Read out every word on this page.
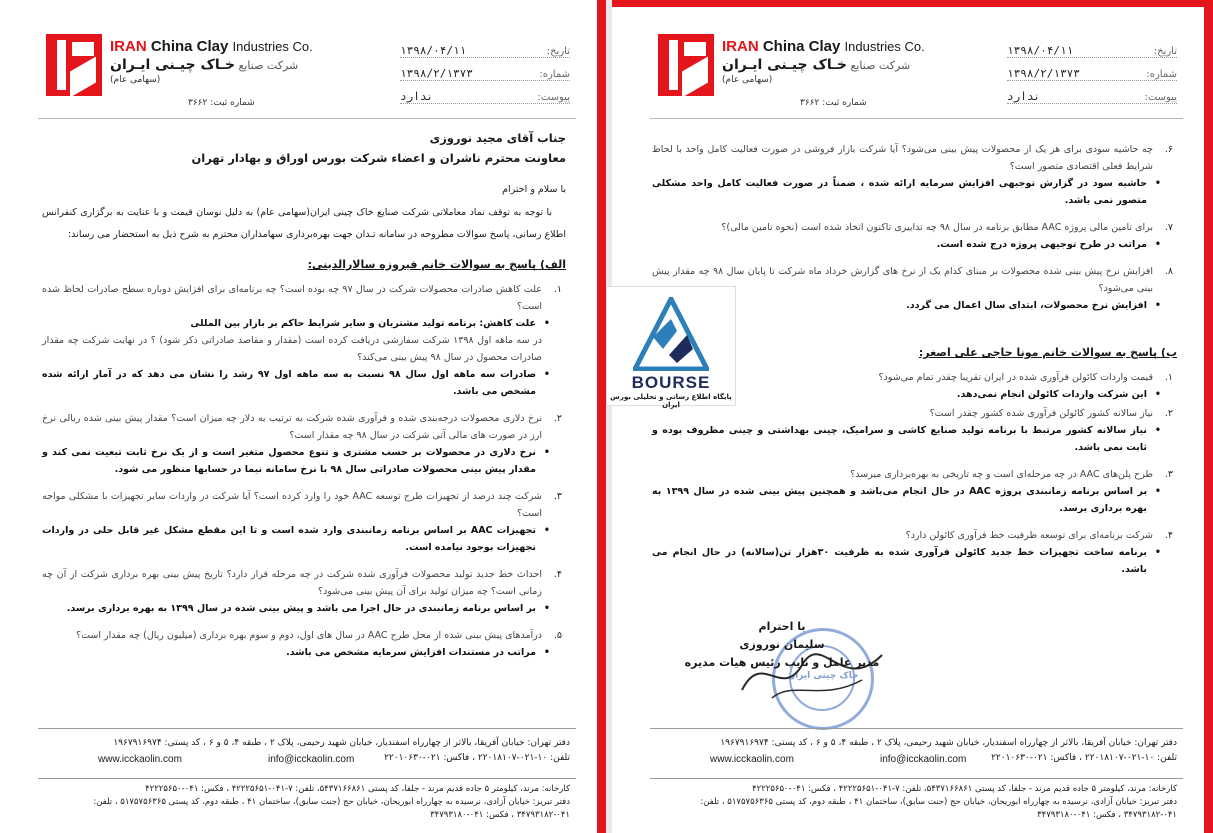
IRAN China Clay Industries Co.
شرکت صنایع خـاک چیـنی ایـران
(سهامی عام)
شماره ثبت: ۳۶۶۲
تاریخ:
۱۳۹۸/۰۴/۱۱
شماره:
۱۳۹۸/۲/۱۳۷۳
پیوست:
ندارد
جناب آقای مجید نوروزی
معاونت محترم ناشران و اعضاء شرکت بورس اوراق و بهادار تهران
با سلام و احترام
با توجه به توقف نماد معاملاتی شرکت صنایع خاک چینی ایران(سهامی عام) به دلیل نوسان قیمت و با عنایت به برگزاری کنفرانس اطلاع رسانی، پاسخ سوالات مطروحه در سامانه تـدان جهت بهره‌برداری سهامداران محترم به شرح ذیل به استحضار می رساند:
الف) پاسخ به سوالات خانم فیروزه سالارالدینی:
۱.
علت کاهش صادرات محصولات شرکت در سال ۹۷ چه بوده است؟ چه برنامه‌ای برای افزایش دوباره سطح صادرات لحاظ شده است؟
• علت کاهش: برنامه تولید مشتریان و سایر شرایط حاکم بر بازار بین المللی
در سه ماهه اول ۱۳۹۸ شرکت سفارشی دریافت کرده است (مقدار و مقاصد صادراتی ذکر شود) ؟ در نهایت شرکت چه مقدار صادرات محصول در سال ۹۸ پیش بینی می‌کند؟
• صادرات سه ماهه اول سال ۹۸ نسبت به سه ماهه اول ۹۷ رشد را نشان می دهد که در آمار ارائه شده مشخص می باشد.
۲.
نرخ دلاری محصولات درجه‌بندی شده و فرآوری شده شرکت به ترتیب به دلار چه میزان است؟ مقدار پیش بینی شده ریالی نرخ ارز در صورت های مالی آتی شرکت در سال ۹۸ چه مقدار است؟
• نرخ دلاری در محصولات بر حسب مشتری و تنوع محصول متغیر است و از یک نرخ ثابت تبعیت نمی کند و مقدار پیش بینی محصولات صادراتی سال ۹۸ با نرخ سامانه نیما در حسابها منظور می شود.
۳.
شرکت چند درصد از تجهیزات طرح توسعه AAC خود را وارد کرده است؟ آیا شرکت در واردات سایر تجهیزات با مشکلی مواجه است؟
• تجهیزات AAC بر اساس برنامه زمانبندی وارد شده است و تا این مقطع مشکل غیر قابل حلی در واردات تجهیزات بوجود نیامده است.
۴.
احداث خط جدید تولید محصولات فرآوری شده شرکت در چه مرحله قرار دارد؟ تاریخ پیش بینی بهره برداری شرکت از آن چه زمانی است؟ چه میزان تولید برای آن پیش بینی می‌شود؟
• بر اساس برنامه زمانبندی در حال اجرا می باشد و پیش بینی شده در سال ۱۳۹۹ به بهره برداری برسد.
۵.
درآمدهای پیش بینی شده از محل طرح AAC در سال های اول، دوم و سوم بهره برداری (میلیون ریال) چه مقدار است؟
• مراتب در مستندات افزایش سرمایه مشخص می باشد.
دفتر تهران: خیابان آفریقا، بالاتر از چهارراه اسفندیار، خیابان شهید رحیمی، پلاک ۲ ، طبقه ۴، ۵ و ۶ ، کد پستی: ۱۹۶۷۹۱۶۹۷۴
تلفن: ۱۰-۰۲۱-۲۲۰۱۸۱۰۷ ، فاکس: ۰۲۱-۲۲۰۱۰۶۳۰
www.icckaolin.com	info@icckaolin.com
کارخانه: مرند، کیلومتر ۵ جاده قدیم مرند - جلفا، کد پستی ۵۴۳۷۱۶۶۸۶۱، تلفن: ۷-۰۴۱-۴۲۲۲۵۶۵۱ ، فکس: ۰۴۱-۴۲۲۲۵۶۵۰
دفتر تبریز: خیابان آزادی، نرسیده به چهارراه ابوریحان، خیابان حج (جنت سابق)، ساختمان ۴۱ ، طبقه دوم، کد پستی ۵۱۷۵۷۵۶۳۶۵ ، تلفن: ۰۴۱-۳۴۷۹۳۱۸۲ ، فکس: ۰۴۱-۳۴۷۹۳۱۸۰
IRAN China Clay Industries Co.
شرکت صنایع خـاک چیـنی ایـران
(سهامی عام)
شماره ثبت: ۳۶۶۲
تاریخ:
۱۳۹۸/۰۴/۱۱
شماره:
۱۳۹۸/۲/۱۳۷۳
پیوست:
ندارد
۶.
چه حاشیه سودی برای هر یک از محصولات پیش بینی می‌شود؟ آیا شرکت بازار فروشی در صورت فعالیت کامل واحد با لحاظ شرایط فعلی اقتصادی متصور است؟
• حاشیه سود در گزارش توجیهی افزایش سرمایه ارائه شده ، ضمناً در صورت فعالیت کامل واحد مشکلی متصور نمی باشد.
۷.
برای تامین مالی پروژه AAC مطابق برنامه در سال ۹۸ چه تدابیری تاکنون اتخاذ شده است (نحوه تامین مالی)؟
• مراتب در طرح توجیهی پروژه درج شده است.
۸.
افزایش نرخ پیش بینی شده محصولات بر مبنای کدام یک از نرخ های گزارش خرداد ماه شرکت تا پایان سال ۹۸ چه مقدار پیش بینی می‌شود؟
• افزایش نرخ محصولات، ابتدای سال اعمال می گردد.
ب) پاسخ به سوالات خانم مونا حاجی علی اصغر:
۱.
قیمت واردات کائولن فرآوری شده در ایران تقریبا چقدر تمام می‌شود؟
• این شرکت واردات کائولن انجام نمی‌دهد.
۲.
نیاز سالانه کشور کائولن فرآوری شده کشور چقدر است؟
• نیاز سالانه کشور مرتبط با برنامه تولید صنایع کاشی و سرامیک، چینی بهداشتی و چینی مظروف بوده و ثابت نمی باشد.
۳.
طرح پلن‌های AAC در چه مرحله‌ای است و چه تاریخی به بهره‌برداری میرسد؟
• بر اساس برنامه زمانبندی پروژه AAC در حال انجام می‌باشد و همچنین پیش بینی شده در سال ۱۳۹۹ به بهره برداری برسد.
۴.
شرکت برنامه‌ای برای توسعه ظرفیت خط فرآوری کائولن دارد؟
• برنامه ساخت تجهیزات خط جدید کائولن فرآوری شده به ظرفیت ۳۰هزار تن(سالانه) در حال انجام می باشد.
خاک چینی ایران
با احترام
سلیمان نوروزی
مدیر عامل و نایب رئیس هیات مدیره
دفتر تهران: خیابان آفریقا، بالاتر از چهارراه اسفندیار، خیابان شهید رحیمی، پلاک ۲ ، طبقه ۴، ۵ و ۶ ، کد پستی: ۱۹۶۷۹۱۶۹۷۴
تلفن: ۱۰-۰۲۱-۲۲۰۱۸۱۰۷ ، فاکس: ۰۲۱-۲۲۰۱۰۶۳۰
www.icckaolin.com	info@icckaolin.com
کارخانه: مرند، کیلومتر ۵ جاده قدیم مرند - جلفا، کد پستی ۵۴۳۷۱۶۶۸۶۱، تلفن: ۷-۰۴۱-۴۲۲۲۵۶۵۱ ، فکس: ۰۴۱-۴۲۲۲۵۶۵۰
دفتر تبریز: خیابان آزادی، نرسیده به چهارراه ابوریحان، خیابان حج (جنت سابق)، ساختمان ۴۱ ، طبقه دوم، کد پستی ۵۱۷۵۷۵۶۳۶۵ ، تلفن: ۰۴۱-۳۴۷۹۳۱۸۲ ، فکس: ۰۴۱-۳۴۷۹۳۱۸۰
BOURSE
پایگاه اطلاع رسانی و تحلیلی بورس ایران
